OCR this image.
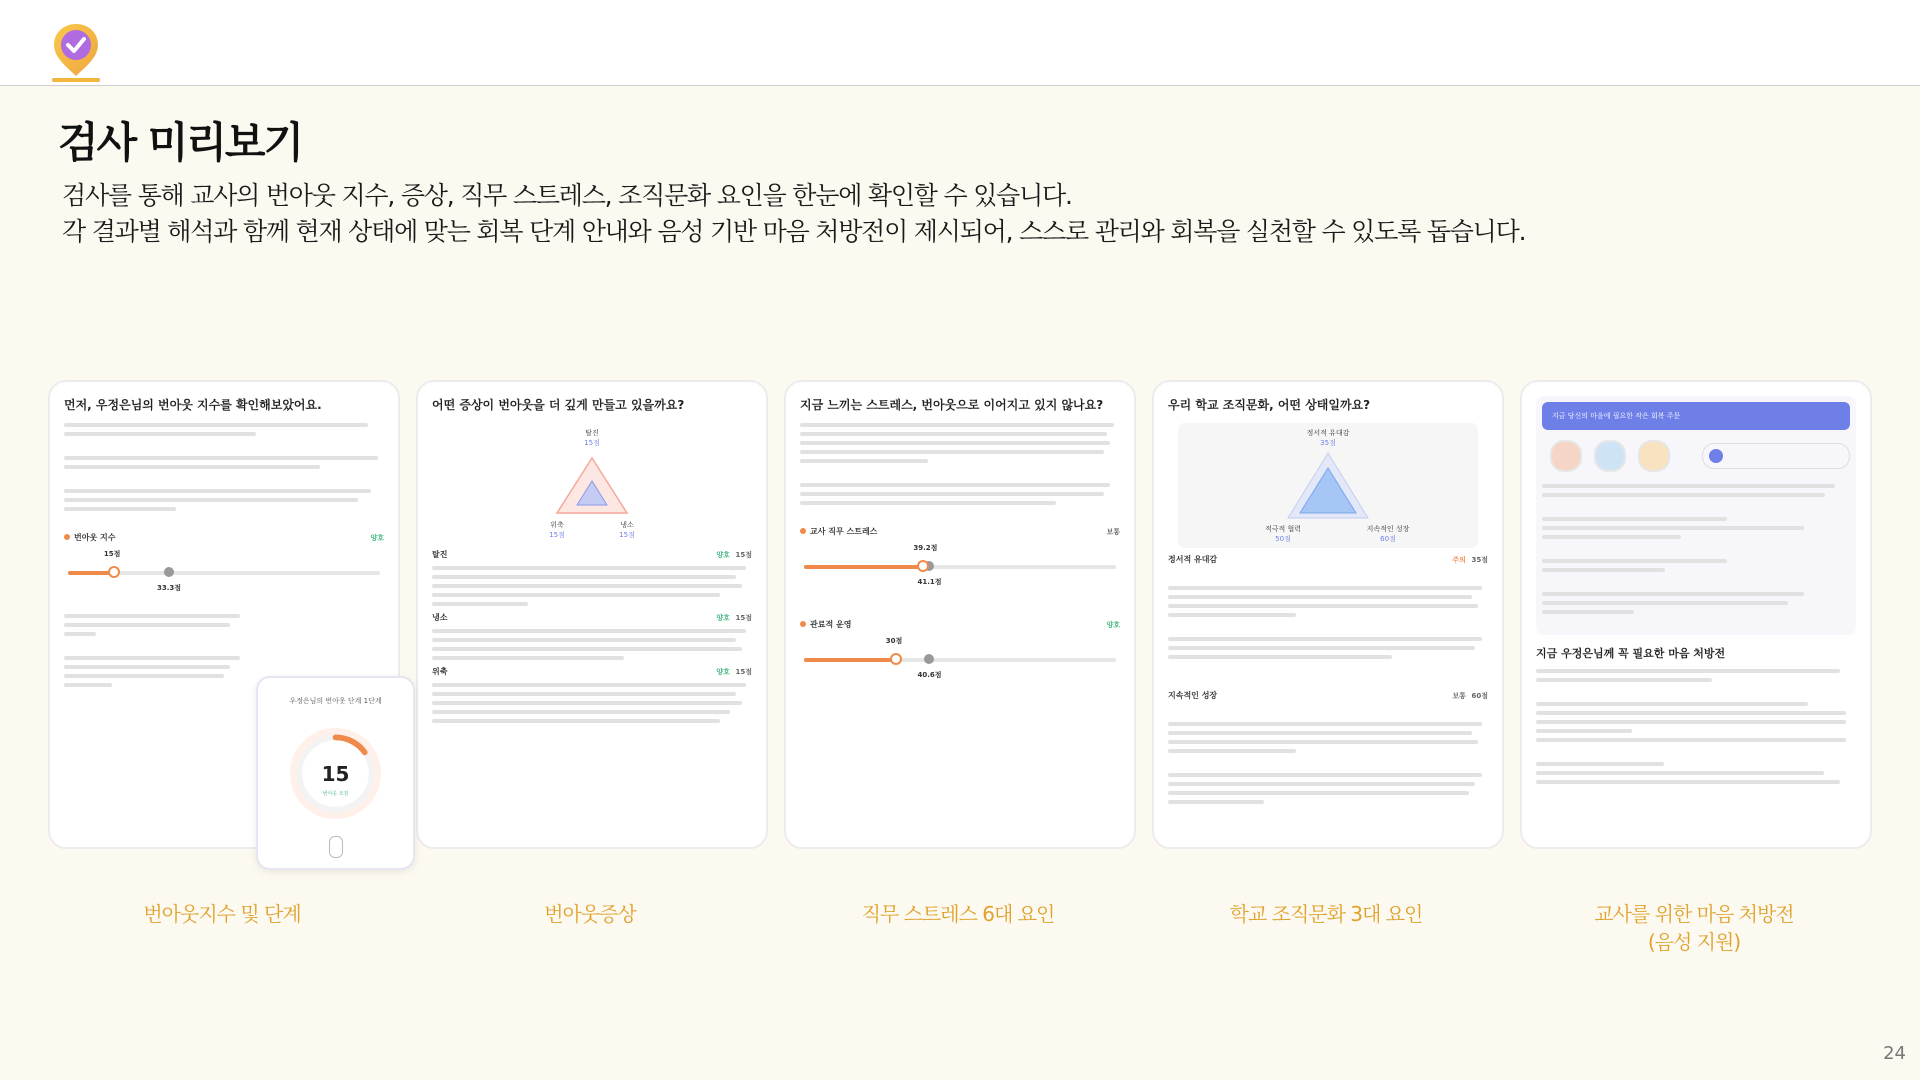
검사 미리보기
검사를 통해 교사의 번아웃 지수, 증상, 직무 스트레스, 조직문화 요인을 한눈에 확인할 수 있습니다.
각 결과별 해석과 함께 현재 상태에 맞는 회복 단계 안내와 음성 기반 마음 처방전이 제시되어, 스스로 관리와 회복을 실천할 수 있도록 돕습니다.
먼저, 우정은님의 번아웃 지수를 확인해보았어요.
번아웃 지수	양호
15점
33.3점
어떤 증상이 번아웃을 더 깊게 만들고 있을까요?
탈진
15점
위축
15점
냉소
15점
탈진	양호 15점
냉소	양호 15점
위축	양호 15점
지금 느끼는 스트레스, 번아웃으로 이어지고 있지 않나요?
교사 직무 스트레스	보통
39.2점
41.1점
관료적 운영	양호
30점
40.6점
우리 학교 조직문화, 어떤 상태일까요?
정서적 유대감
35점
적극적 협력
50점
지속적인 성장
60점
정서적 유대감	주의 35점
지속적인 성장	보통 60점
지금 당신의 마음에 필요한 작은 회복 주문
지금 우정은님께 꼭 필요한 마음 처방전
우정은님의 번아웃 단계 1단계
15
번아웃 조짐
번아웃지수 및 단계	번아웃증상	직무 스트레스 6대 요인	학교 조직문화 3대 요인	교사를 위한 마음 처방전
(음성 지원)
24
